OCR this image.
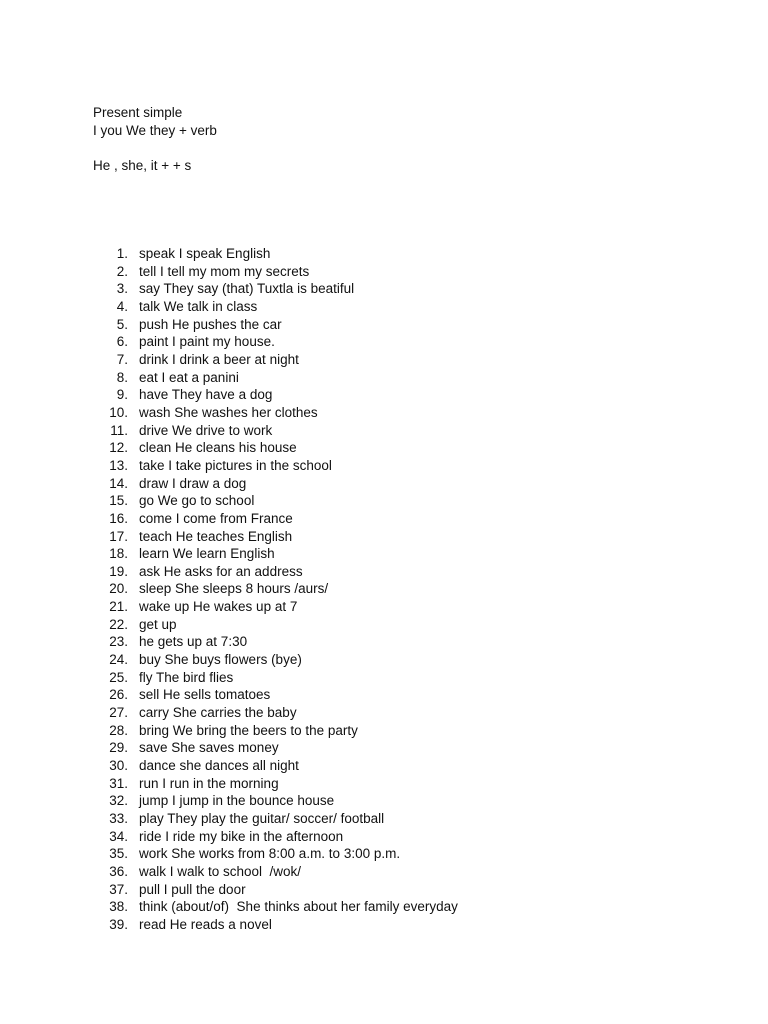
Present simple
I you We they + verb
He , she, it + + s
1. speak I speak English
2. tell I tell my mom my secrets
3. say They say (that) Tuxtla is beatiful
4. talk We talk in class
5. push He pushes the car
6. paint I paint my house.
7. drink I drink a beer at night
8. eat I eat a panini
9. have They have a dog
10. wash She washes her clothes
11. drive We drive to work
12. clean He cleans his house
13. take I take pictures in the school
14. draw I draw a dog
15. go We go to school
16. come I come from France
17. teach He teaches English
18. learn We learn English
19. ask He asks for an address
20. sleep She sleeps 8 hours /aurs/
21. wake up He wakes up at 7
22. get up
23. he gets up at 7:30
24. buy She buys flowers (bye)
25. fly The bird flies
26. sell He sells tomatoes
27. carry She carries the baby
28. bring We bring the beers to the party
29. save She saves money
30. dance she dances all night
31. run I run in the morning
32. jump I jump in the bounce house
33. play They play the guitar/ soccer/ football
34. ride I ride my bike in the afternoon
35. work She works from 8:00 a.m. to 3:00 p.m.
36. walk I walk to school  /wok/
37. pull I pull the door
38. think (about/of)  She thinks about her family everyday
39. read He reads a novel
